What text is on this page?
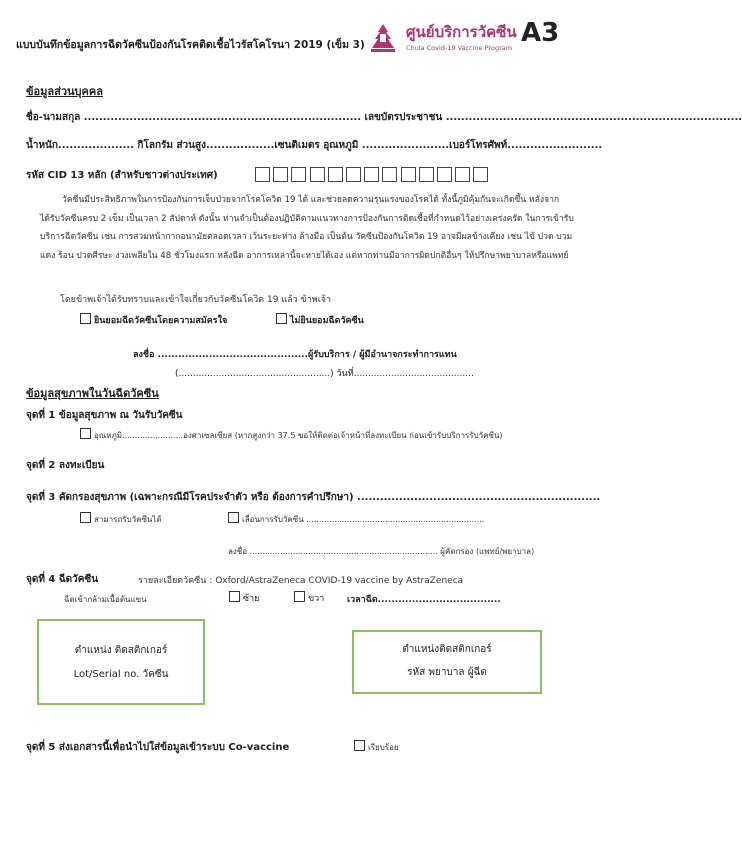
แบบบันทึกข้อมูลการฉีดวัคซีนป้องกันโรคติดเชื้อไวรัสโคโรนา 2019 (เข็ม 3)
ศูนย์บริการวัคซีน
Chula Covid-19 Vaccine Program A3
ข้อมูลส่วนบุคคล
ชื่อ-นามสกุล ......................................................................... เลขบัตรประชาชน ..............................................................................
น้ำหนัก.................... กิโลกรัม ส่วนสูง..................เซนติเมตร อุณหภูมิ .......................เบอร์โทรศัพท์.........................
รหัส CID 13 หลัก (สำหรับชาวต่างประเทศ)
วัคซีนมีประสิทธิภาพในการป้องกันการเจ็บป่วยจากโรคโควิด 19 ได้ และช่วยลดความรุนแรงของโรคได้ ทั้งนี้ภูมิคุ้มกันจะเกิดขึ้น หลังจาก
ได้รับวัคซีนครบ 2 เข็ม เป็นเวลา 2 สัปดาห์ ดังนั้น ท่านจำเป็นต้องปฏิบัติตามแนวทางการป้องกันการติดเชื้อที่กำหนดไว้อย่างเคร่งครัด ในการเข้ารับ
บริการฉีดวัคซีน เช่น การสวมหน้ากากอนามัยตลอดเวลา เว้นระยะห่าง ล้างมือ เป็นต้น วัคซีนป้องกันโควิด 19 อาจมีผลข้างเคียง เช่น ไข้ ปวด บวม
แดง ร้อน ปวดศีรษะ ง่วงเพลียใน 48 ชั่วโมงแรก หลังฉีด อาการเหล่านี้จะหายได้เอง แต่หากท่านมีอาการผิดปกติอื่นๆ ให้ปรึกษาพยาบาลหรือแพทย์
โดยข้าพเจ้าได้รับทราบและเข้าใจเกี่ยวกับวัคซีนโควิด 19 แล้ว ข้าพเจ้า
ยินยอมฉีดวัคซีนโดยความสมัครใจ	ไม่ยินยอมฉีดวัคซีน
ลงชื่อ ............................................ผู้รับบริการ / ผู้มีอำนาจกระทำการแทน
(.....................................................) วันที่..........................................
ข้อมูลสุขภาพในวันฉีดวัคซีน
จุดที่ 1 ข้อมูลสุขภาพ ณ วันรับวัคซีน
อุณหภูมิ........................องศาเซลเซียส (หากสูงกว่า 37.5 ขอให้ติดต่อเจ้าหน้าที่ลงทะเบียน ก่อนเข้ารับบริการรับวัคซีน)
จุดที่ 2 ลงทะเบียน
จุดที่ 3 คัดกรองสุขภาพ (เฉพาะกรณีมีโรคประจำตัว หรือ ต้องการคำปรึกษา) ................................................................
สามารถรับวัคซีนได้	เลื่อนการรับวัคซีน ......................................................................
ลงชื่อ .......................................................................... ผู้คัดกรอง (แพทย์/พยาบาล)
จุดที่ 4 ฉีดวัคซีน	รายละเอียดวัคซีน : Oxford/AstraZeneca COVID-19 vaccine by AstraZeneca
ฉีดเข้ากล้ามเนื้อต้นแขน	ซ้าย	ขวา	เวลาฉีด....................................
ตำแหน่ง ติดสติกเกอร์
Lot/Serial no. วัคซีน
ตำแหน่งติดสติกเกอร์
รหัส พยาบาล ผู้ฉีด
จุดที่ 5 ส่งเอกสารนี้เพื่อนำไปใส่ข้อมูลเข้าระบบ Co-vaccine	เรียบร้อย
